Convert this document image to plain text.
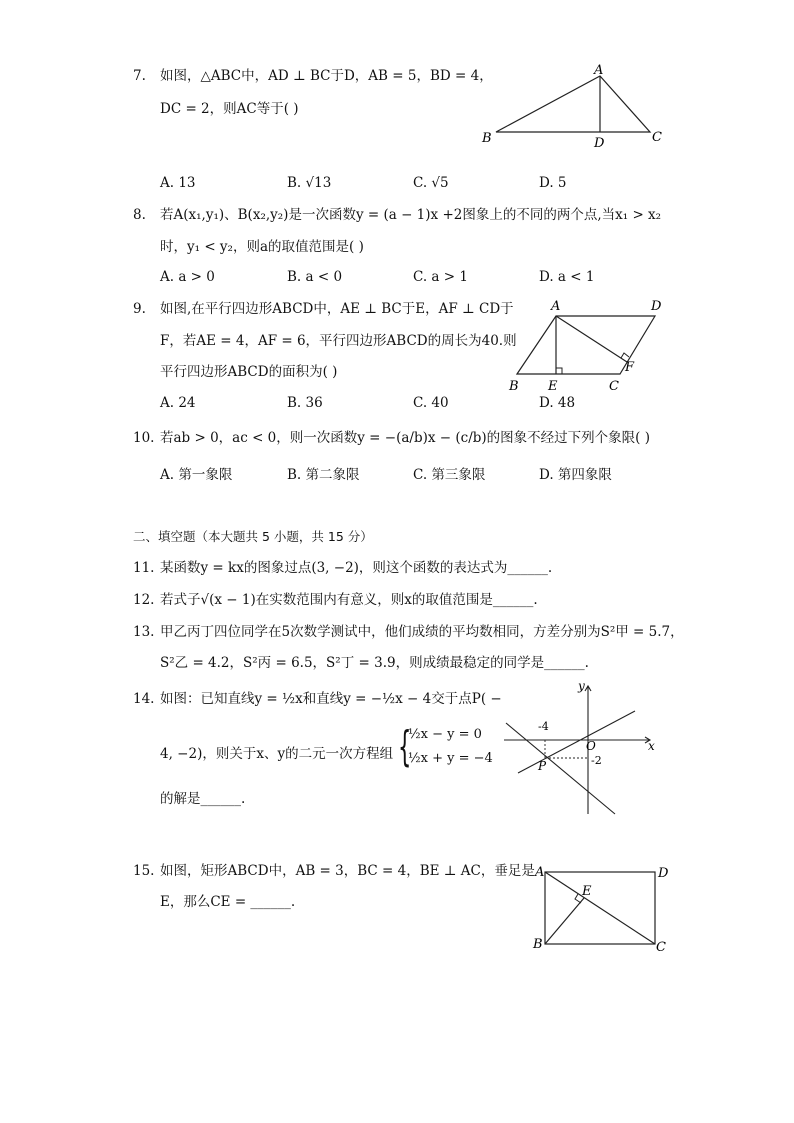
7. 如图，△ABC中，AD ⊥ BC于D，AB = 5，BD = 4，
DC = 2，则AC等于( )
A
B	C
D
A. 13	B. √13	C. √5	D. 5
8. 若A(x₁,y₁)、B(x₂,y₂)是一次函数y = (a − 1)x +2图象上的不同的两个点,当x₁ > x₂
时，y₁ < y₂，则a的取值范围是( )
A. a > 0	B. a < 0	C. a > 1	D. a < 1
9. 如图,在平行四边形ABCD中，AE ⊥ BC于E，AF ⊥ CD于
F，若AE = 4，AF = 6，平行四边形ABCD的周长为40.则
平行四边形ABCD的面积为( )
A	D
B E	C
F
A. 24	B. 36	C. 40	D. 48
10. 若ab > 0，ac < 0，则一次函数y = −(a/b)x − (c/b)的图象不经过下列个象限( )
A. 第一象限	B. 第二象限	C. 第三象限	D. 第四象限
二、填空题（本大题共 5 小题，共 15 分）
11. 某函数y = kx的图象过点(3, −2)，则这个函数的表达式为______.
12. 若式子√(x − 1)在实数范围内有意义，则x的取值范围是______.
13. 甲乙丙丁四位同学在5次数学测试中，他们成绩的平均数相同，方差分别为S²甲 = 5.7，
S²乙 = 4.2，S²丙 = 6.5，S²丁 = 3.9，则成绩最稳定的同学是______.
14. 如图：已知直线y = ½x和直线y = −½x − 4交于点P( −
4, −2)，则关于x、y的二元一次方程组 {
½x − y = 0
½x + y = −4
的解是______.
y
x
O
P
-4
-2
15. 如图，矩形ABCD中，AB = 3，BC = 4，BE ⊥ AC，垂足是
E，那么CE = ______.
A	D
B	C
E
